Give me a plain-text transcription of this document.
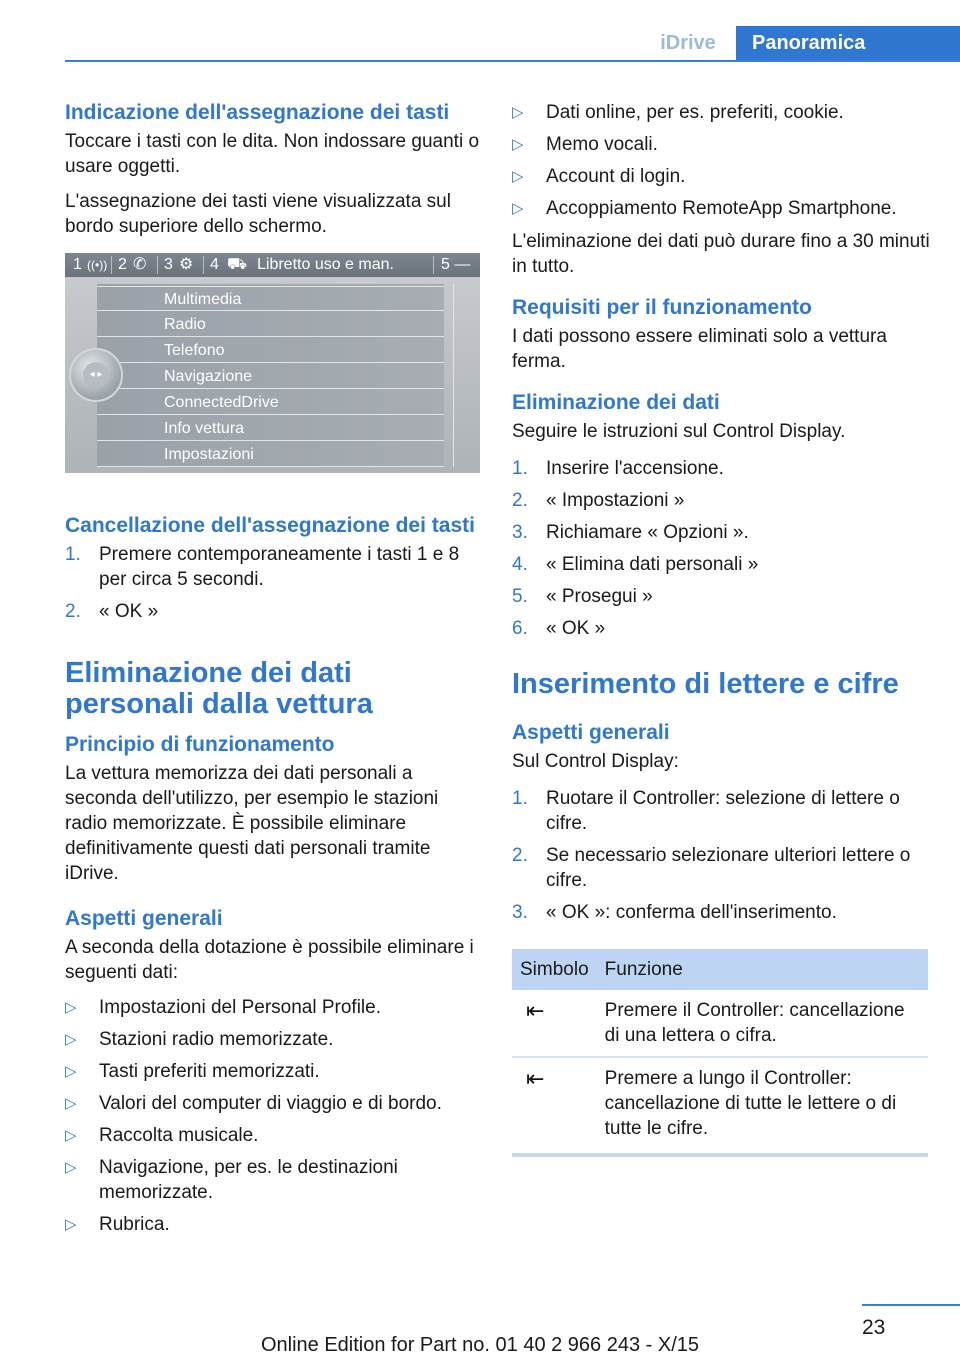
iDrive	Panoramica
Indicazione dell'assegnazione dei tasti

Toccare i tasti con le dita. Non indossare guanti o usare oggetti.

L'assegnazione dei tasti viene visualizzata sul bordo superiore dello schermo.

1 ((•)) 2 ✆ 3 ⚙ 4 ⛟ Libretto uso e man.	5 —
Multimedia
Radio
Telefono
Navigazione
ConnectedDrive
Info vettura
Impostazioni
◂ ▸
Cancellazione dell'assegnazione dei tasti
1. Premere contemporaneamente i tasti 1 e 8 per circa 5 secondi.
2. « OK »
Eliminazione dei dati personali dalla vettura
Principio di funzionamento

La vettura memorizza dei dati personali a seconda dell'utilizzo, per esempio le stazioni radio memorizzate. È possibile eliminare definitivamente questi dati personali tramite iDrive.

Aspetti generali

A seconda della dotazione è possibile eliminare i seguenti dati:

▷ Impostazioni del Personal Profile.
▷ Stazioni radio memorizzate.
▷ Tasti preferiti memorizzati.
▷ Valori del computer di viaggio e di bordo.
▷ Raccolta musicale.
▷ Navigazione, per es. le destinazioni memorizzate.
▷ Rubrica.
▷ Dati online, per es. preferiti, cookie.
▷ Memo vocali.
▷ Account di login.
▷ Accoppiamento RemoteApp Smartphone.

L'eliminazione dei dati può durare fino a 30 minuti in tutto.

Requisiti per il funzionamento

I dati possono essere eliminati solo a vettura ferma.

Eliminazione dei dati

Seguire le istruzioni sul Control Display.

1. Inserire l'accensione.
2. « Impostazioni »
3. Richiamare « Opzioni ».
4. « Elimina dati personali »
5. « Prosegui »
6. « OK »
Inserimento di lettere e cifre
Aspetti generali

Sul Control Display:

1. Ruotare il Controller: selezione di lettere o cifre.
2. Se necessario selezionare ulteriori lettere o cifre.
3. « OK »: conferma dell'inserimento.
Simbolo	Funzione
⇤	Premere il Controller: cancellazione di una lettera o cifra.
⇤	Premere a lungo il Controller: cancellazione di tutte le lettere o di tutte le cifre.
23
Online Edition for Part no. 01 40 2 966 243 - X/15
